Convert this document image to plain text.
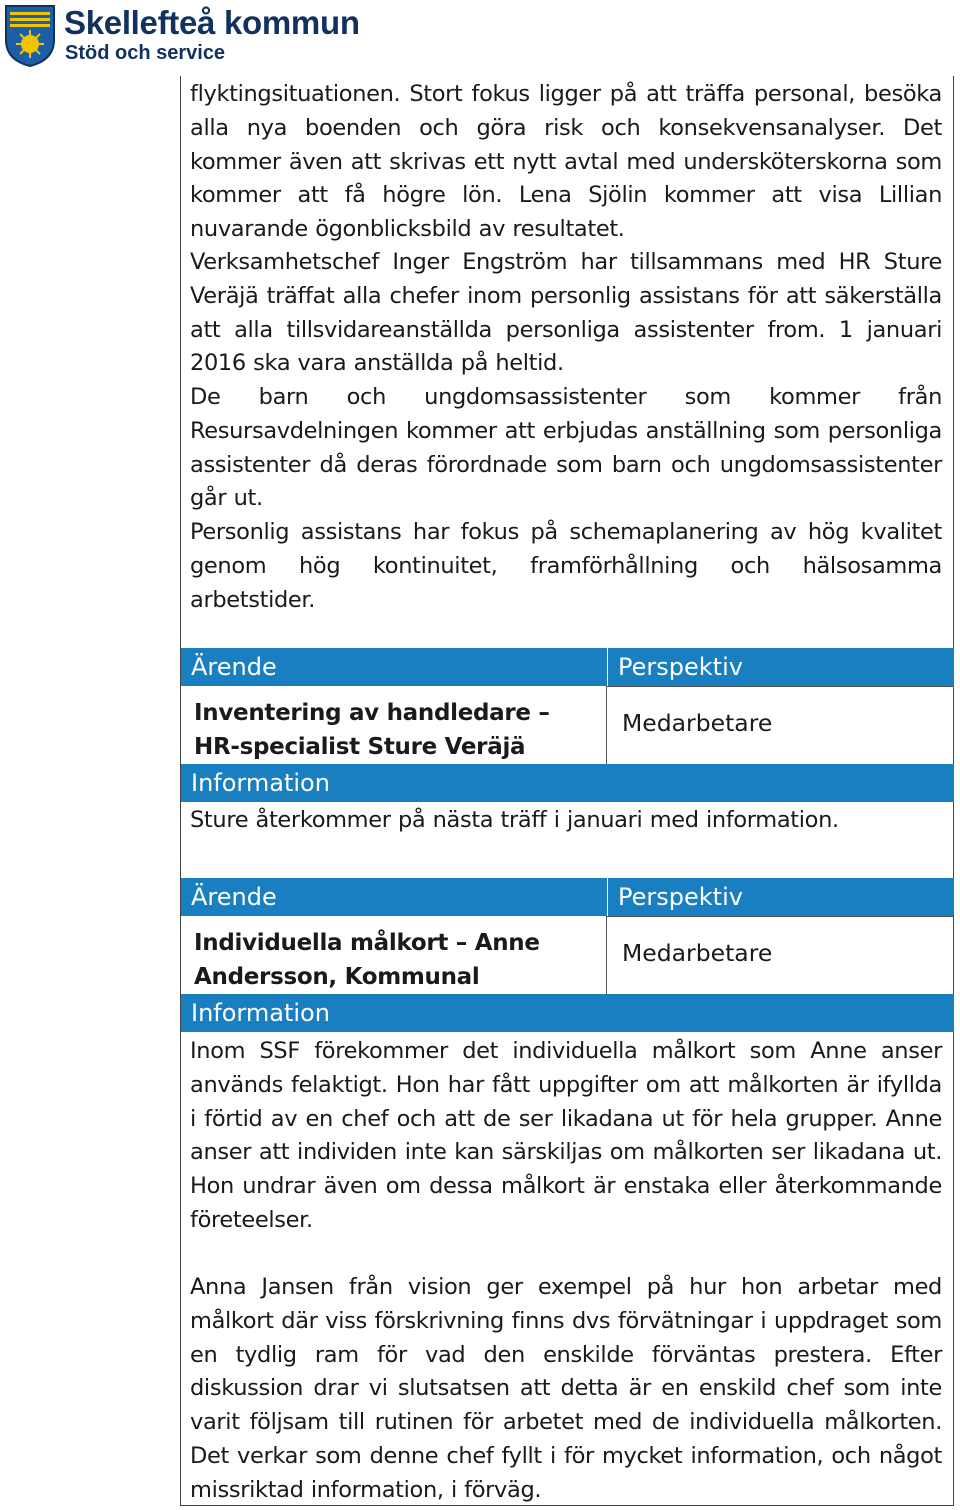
Skellefteå kommun
Stöd och service

flyktingsituationen. Stort fokus ligger på att träffa personal, besöka alla nya boenden och göra risk och konsekvensanalyser. Det kommer även att skrivas ett nytt avtal med undersköterskorna som kommer att få högre lön. Lena Sjölin kommer att visa Lillian nuvarande ögonblicksbild av resultatet.

Verksamhetschef Inger Engström har tillsammans med HR Sture Veräjä träffat alla chefer inom personlig assistans för att säkerställa att alla tillsvidareanställda personliga assistenter from. 1 januari 2016 ska vara anställda på heltid.

De barn och ungdomsassistenter som kommer från Resursavdelningen kommer att erbjudas anställning som personliga assistenter då deras förordnade som barn och ungdomsassistenter går ut.

Personlig assistans har fokus på schemaplanering av hög kvalitet genom hög kontinuitet, framförhållning och hälsosamma arbetstider.

Ärende	Perspektiv
Inventering av handledare – HR-specialist Sture Veräjä
Medarbetare
Information

Sture återkommer på nästa träff i januari med information.

Ärende	Perspektiv
Individuella målkort – Anne Andersson, Kommunal
Medarbetare
Information

Inom SSF förekommer det individuella målkort som Anne anser används felaktigt. Hon har fått uppgifter om att målkorten är ifyllda i förtid av en chef och att de ser likadana ut för hela grupper. Anne anser att individen inte kan särskiljas om målkorten ser likadana ut. Hon undrar även om dessa målkort är enstaka eller återkommande företeelser.

Anna Jansen från vision ger exempel på hur hon arbetar med målkort där viss förskrivning finns dvs förvätningar i uppdraget som en tydlig ram för vad den enskilde förväntas prestera. Efter diskussion drar vi slutsatsen att detta är en enskild chef som inte varit följsam till rutinen för arbetet med de individuella målkorten. Det verkar som denne chef fyllt i för mycket information, och något missriktad information, i förväg.
